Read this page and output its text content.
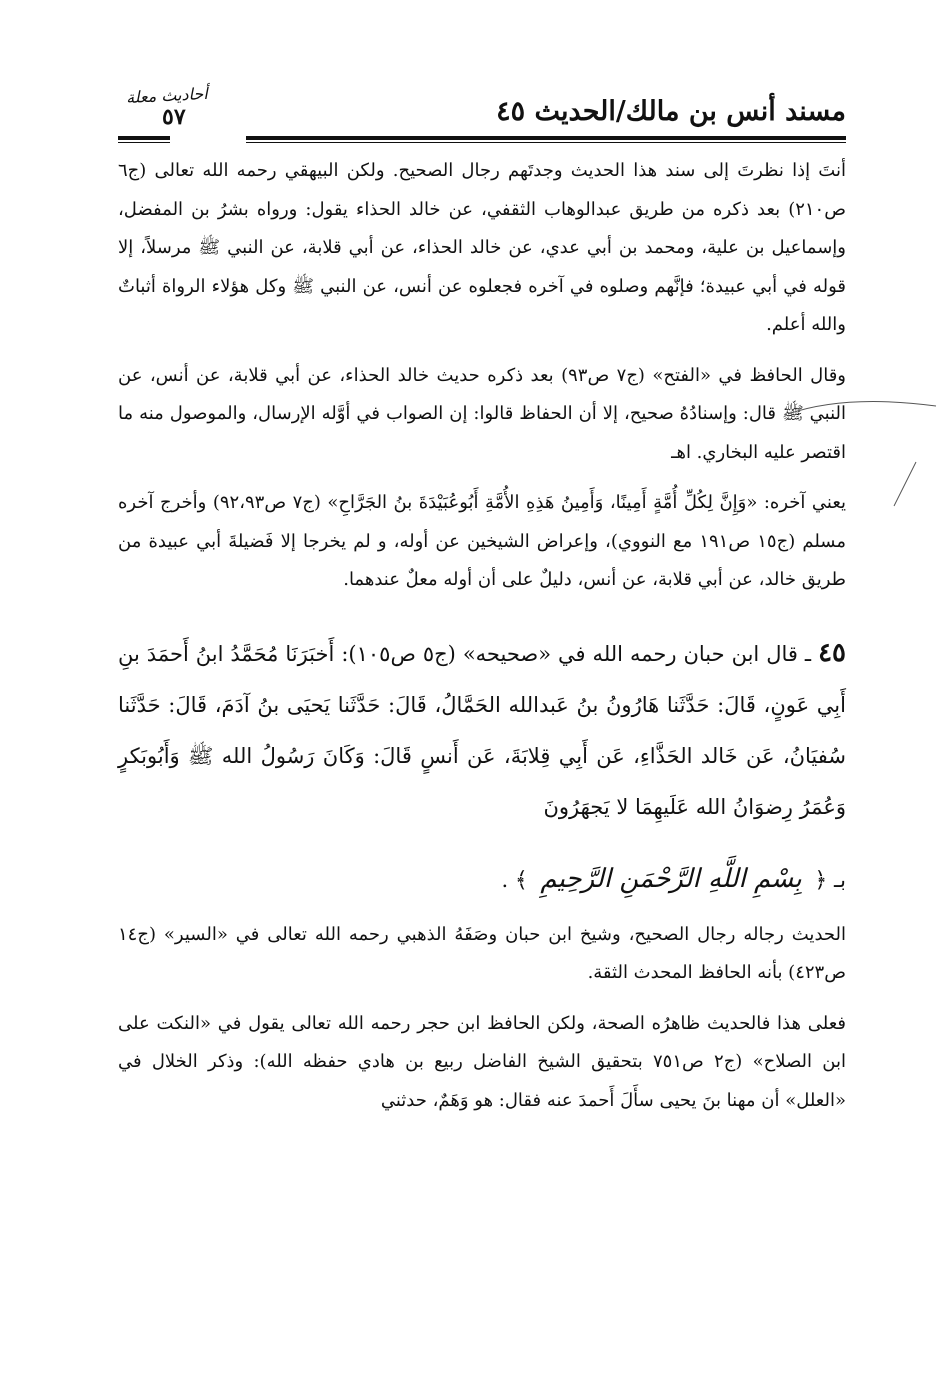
مسند أنس بن مالك/الحديث ٤٥
أحاديث معلة
٥٧

أنتَ إذا نظرتَ إلى سند هذا الحديث وجدتَهم رجال الصحيح. ولكن البيهقي رحمه الله تعالى (ج٦ ص٢١٠) بعد ذكره من طريق عبدالوهاب الثقفي، عن خالد الحذاء يقول: ورواه بشرُ بن المفضل، وإسماعيل بن علية، ومحمد بن أبي عدي، عن خالد الحذاء، عن أبي قلابة، عن النبي ﷺ مرسلاً، إلا قوله في أبي عبيدة؛ فإنَّهم وصلوه في آخره فجعلوه عن أنس، عن النبي ﷺ وكل هؤلاء الرواة أثباتٌ والله أعلم.

وقال الحافظ في «الفتح» (ج٧ ص٩٣) بعد ذكره حديث خالد الحذاء، عن أبي قلابة، عن أنس، عن النبي ﷺ قال: وإسنادُهُ صحيح، إلا أن الحفاظ قالوا: إن الصواب في أوَّله الإرسال، والموصول منه ما اقتصر عليه البخاري. اهـ

يعني آخره: «وَإِنَّ لِكُلِّ أُمَّةٍ أَمِينًا، وَأَمِينُ هَذِهِ الأُمَّةِ أَبُوعُبَيْدَةَ بنُ الجَرَّاحِ» (ج٧ ص٩٢،٩٣) وأخرج آخره مسلم (ج١٥ ص١٩١ مع النووي)، وإعراض الشيخين عن أوله، و لم يخرجا إلا فَضيلةَ أبي عبيدة من طريق خالد، عن أبي قلابة، عن أنس، دليلٌ على أن أوله معلٌ عندهما.

٤٥ ـ قال ابن حبان رحمه الله في «صحيحه» (ج٥ ص١٠٥): أَخبَرَنَا مُحَمَّدُ ابنُ أَحمَدَ بنِ أَبِي عَونٍ، قَالَ: حَدَّثَنا هَارُونُ بنُ عَبدالله الحَمَّالُ، قَالَ: حَدَّثَنا يَحيَى بنُ آدَمَ، قَالَ: حَدَّثَنا سُفيَانُ، عَن خَالد الحَذَّاءِ، عَن أَبِي قِلابَةَ، عَن أَنسٍ قَالَ: وَكَانَ رَسُولُ الله ﷺ وَأَبُوبَكرٍ وَعُمَرُ رِضوَانُ الله عَلَيهِمَا لا يَجهَرُونَ

بـ ﴿ بِسْمِ اللَّهِ الرَّحْمَنِ الرَّحِيمِ ﴾ .

الحديث رجاله رجال الصحيح، وشيخ ابن حبان وصَفَهُ الذهبي رحمه الله تعالى في «السير» (ج١٤ ص٤٢٣) بأنه الحافظ المحدث الثقة.

فعلى هذا فالحديث ظاهرُه الصحة، ولكن الحافظ ابن حجر رحمه الله تعالى يقول في «النكت على ابن الصلاح» (ج٢ ص٧٥١ بتحقيق الشيخ الفاضل ربيع بن هادي حفظه الله): وذكر الخلال في «العلل» أن مهنا بنَ يحيى سأَلَ أَحمدَ عنه فقال: هو وَهَمٌ، حدثني
